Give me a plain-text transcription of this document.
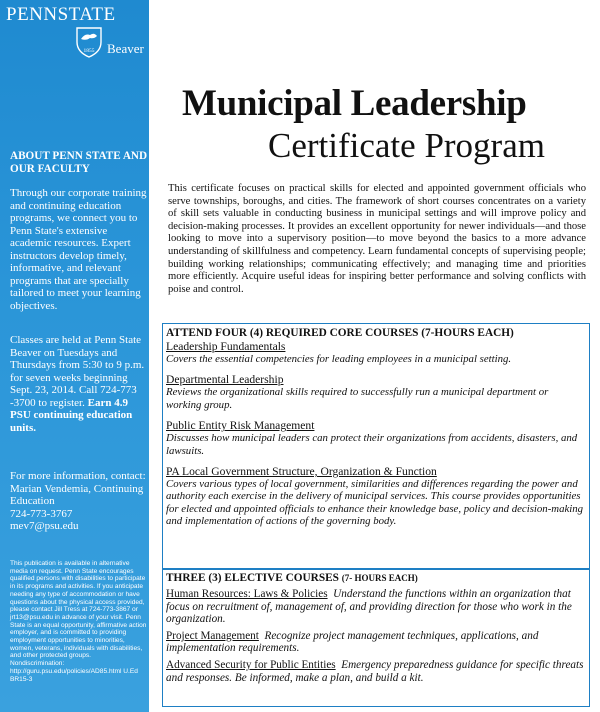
PENNSTATE
1855 Beaver
ABOUT PENN STATE AND OUR FACULTY
Through our corporate training and continuing education programs, we connect you to Penn State's extensive academic resources. Expert instructors develop timely, informative, and relevant programs that are specially tailored to meet your learning objectives.
Classes are held at Penn State Beaver on Tuesdays and Thursdays from 5:30 to 9 p.m. for seven weeks beginning Sept. 23, 2014. Call 724-773 -3700 to register. Earn 4.9 PSU continuing education units.
For more information, contact: Marian Vendemia, Continuing Education
724-773-3767
mev7@psu.edu
This publication is available in alternative media on request. Penn State encourages qualified persons with disabilities to participate in its programs and activities. If you anticipate needing any type of accommodation or have questions about the physical access provided, please contact Jill Tress at 724-773-3867 or jrt13@psu.edu in advance of your visit. Penn State is an equal opportunity, affirmative action employer, and is committed to providing employment opportunities to minorities, women, veterans, individuals with disabilities, and other protected groups. Nondiscrimination: http://guru.psu.edu/policies/AD85.html U.Ed BR15-3
Municipal Leadership
Certificate Program
This certificate focuses on practical skills for elected and appointed government officials who serve townships, boroughs, and cities. The framework of short courses concentrates on a variety of skill sets valuable in conducting business in municipal settings and will improve policy and decision-making processes. It provides an excellent opportunity for newer individuals—and those looking to move into a supervisory position—to move beyond the basics to a more advance understanding of skillfulness and competency. Learn fundamental concepts of supervising people; building working relationships; communicating effectively; and managing time and priorities more efficiently. Acquire useful ideas for inspiring better performance and solving conflicts with poise and control.
ATTEND FOUR (4) REQUIRED CORE COURSES (7-HOURS EACH)
Leadership Fundamentals
Covers the essential competencies for leading employees in a municipal setting.
Departmental Leadership
Reviews the organizational skills required to successfully run a municipal department or working group.
Public Entity Risk Management
Discusses how municipal leaders can protect their organizations from accidents, disasters, and lawsuits.
PA Local Government Structure, Organization & Function
Covers various types of local government, similarities and differences regarding the power and authority each exercise in the delivery of municipal services. This course provides opportunities for elected and appointed officials to enhance their knowledge base, policy and decision-making and implementation of actions of the governing body.
THREE (3) ELECTIVE COURSES (7- HOURS EACH)
Human Resources: Laws & Policies Understand the functions within an organization that focus on recruitment of, management of, and providing direction for those who work in the organization.
Project Management Recognize project management techniques, applications, and implementation requirements.
Advanced Security for Public Entities Emergency preparedness guidance for specific threats and responses. Be informed, make a plan, and build a kit.
